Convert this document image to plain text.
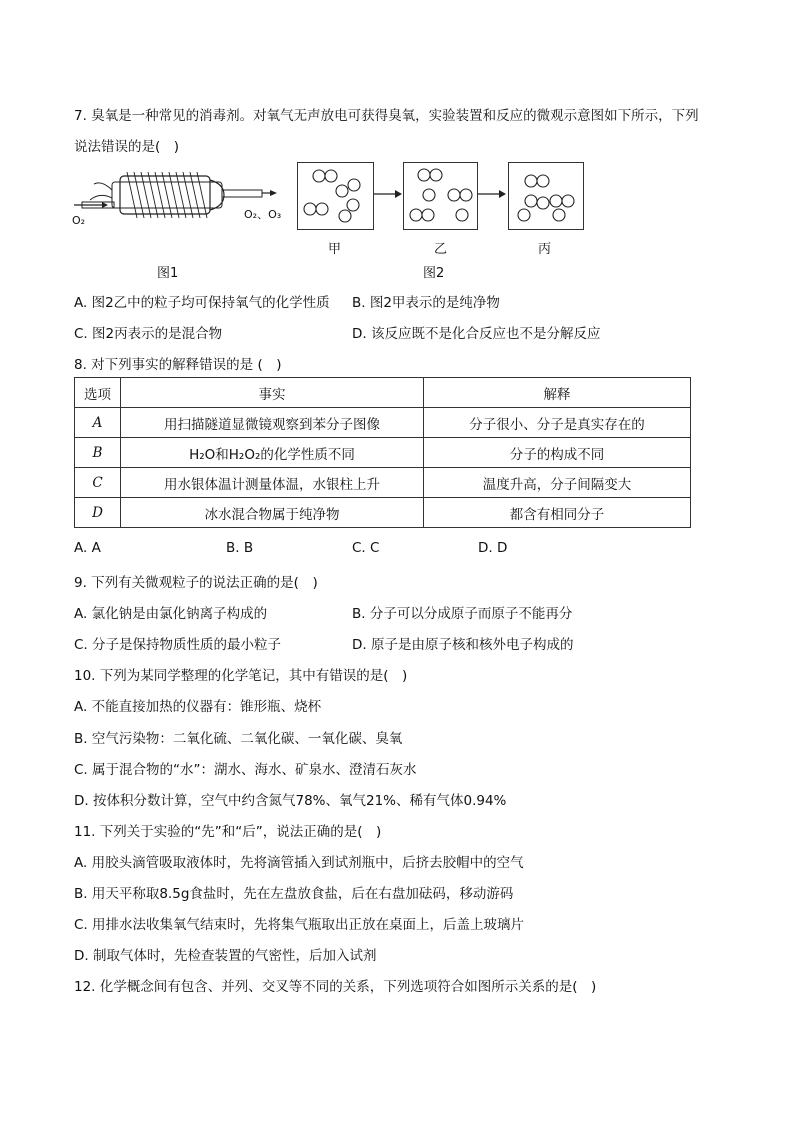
7. 臭氧是一种常见的消毒剂。对氧气无声放电可获得臭氧，实验装置和反应的微观示意图如下所示，下列
说法错误的是(　)
O₂	O₂、O₃
甲	乙	丙
图1	图2
A. 图2乙中的粒子均可保持氧气的化学性质 B. 图2甲表示的是纯净物
C. 图2丙表示的是混合物	D. 该反应既不是化合反应也不是分解反应
8. 对下列事实的解释错误的是 (　)
选项	事实	解释
A	用扫描隧道显微镜观察到苯分子图像	分子很小、分子是真实存在的
B	H₂O和H₂O₂的化学性质不同	分子的构成不同
C	用水银体温计测量体温，水银柱上升	温度升高，分子间隔变大
D	冰水混合物属于纯净物	都含有相同分子
A. A	B. B	C. C	D. D
9. 下列有关微观粒子的说法正确的是(　)
A. 氯化钠是由氯化钠离子构成的	B. 分子可以分成原子而原子不能再分
C. 分子是保持物质性质的最小粒子	D. 原子是由原子核和核外电子构成的
10. 下列为某同学整理的化学笔记，其中有错误的是(　)
A. 不能直接加热的仪器有：锥形瓶、烧杯
B. 空气污染物：二氧化硫、二氧化碳、一氧化碳、臭氧
C. 属于混合物的“水”：湖水、海水、矿泉水、澄清石灰水
D. 按体积分数计算，空气中约含氮气78%、氧气21%、稀有气体0.94%
11. 下列关于实验的“先”和“后”，说法正确的是(　)
A. 用胶头滴管吸取液体时，先将滴管插入到试剂瓶中，后挤去胶帽中的空气
B. 用天平称取8.5g食盐时，先在左盘放食盐，后在右盘加砝码，移动游码
C. 用排水法收集氧气结束时，先将集气瓶取出正放在桌面上，后盖上玻璃片
D. 制取气体时，先检查装置的气密性，后加入试剂
12. 化学概念间有包含、并列、交叉等不同的关系，下列选项符合如图所示关系的是(　)
